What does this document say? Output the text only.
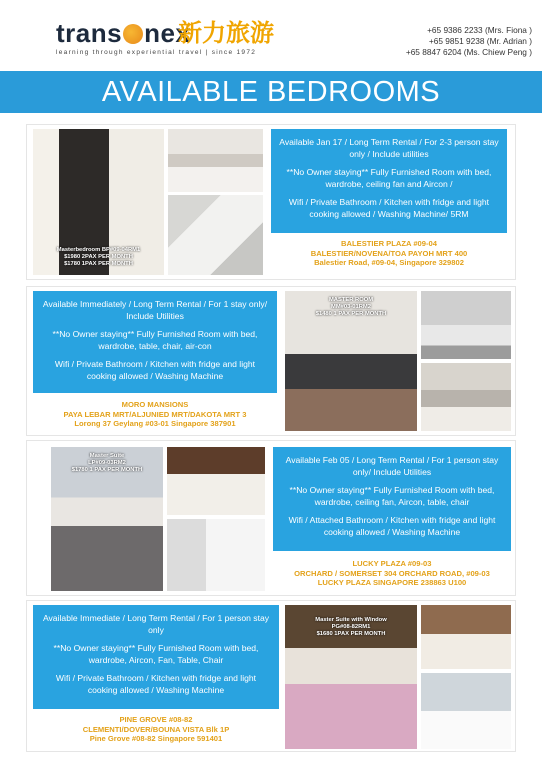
trans nex
新力旅游
learning through experiential travel | since 1972
+65 9386 2233 (Mrs. Fiona )
+65 9851 9238 (Mr. Adrian )
+65 8847 6204 (Ms. Chiew Peng )
AVAILABLE BEDROOMS
Masterbedroom BP#09-04RM1
$1980 2PAX PER MONTH
$1780 1PAX PER MONTH

Available Jan 17 / Long Term Rental / For 2-3 person stay only / Include utilities

**No Owner staying** Fully Furnished Room with bed, wardrobe, ceiling fan and Aircon /

Wifi / Private Bathroom / Kitchen with fridge and light cooking allowed / Washing Machine/ 5RM

BALESTIER PLAZA #09-04
BALESTIER/NOVENA/TOA PAYOH MRT 400
Balestier Road, #09-04, Singapore 329802

Available Immediately / Long Term Rental / For 1 stay only/ Include Utilities

**No Owner staying** Fully Furnished Room with bed, wardrobe, table, chair, air-con

Wifi / Private Bathroom / Kitchen with fridge and light cooking allowed / Washing Machine

MORO MANSIONS
PAYA LEBAR MRT/ALJUNIED MRT/DAKOTA MRT 3
Lorong 37 Geylang #03-01 Singapore 387901
MASTER ROOM
MM#03-01RM2
$1480 1 PAX PER MONTH
Master Suite
LP#09-03RM2
$1780 1 PAX PER MONTH

Available Feb 05 / Long Term Rental / For 1 person stay only/ Include Utilities

**No Owner staying** Fully Furnished Room with bed, wardrobe, ceiling fan, Aircon, table, chair

Wifi / Attached Bathroom / Kitchen with fridge and light cooking allowed / Washing Machine

LUCKY PLAZA #09-03
ORCHARD / SOMERSET 304 ORCHARD ROAD, #09-03
LUCKY PLAZA SINGAPORE 238863 U100

Available Immediate / Long Term Rental / For 1 person stay only

**No Owner staying** Fully Furnished Room with bed, wardrobe, Aircon, Fan, Table, Chair

Wifi / Private Bathroom / Kitchen with fridge and light cooking allowed / Washing Machine

PINE GROVE #08-82
CLEMENTI/DOVER/BOUNA VISTA Blk 1P
Pine Grove #08-82 Singapore 591401
Master Suite with Window
PG#08-82RM1
$1680 1PAX PER MONTH
